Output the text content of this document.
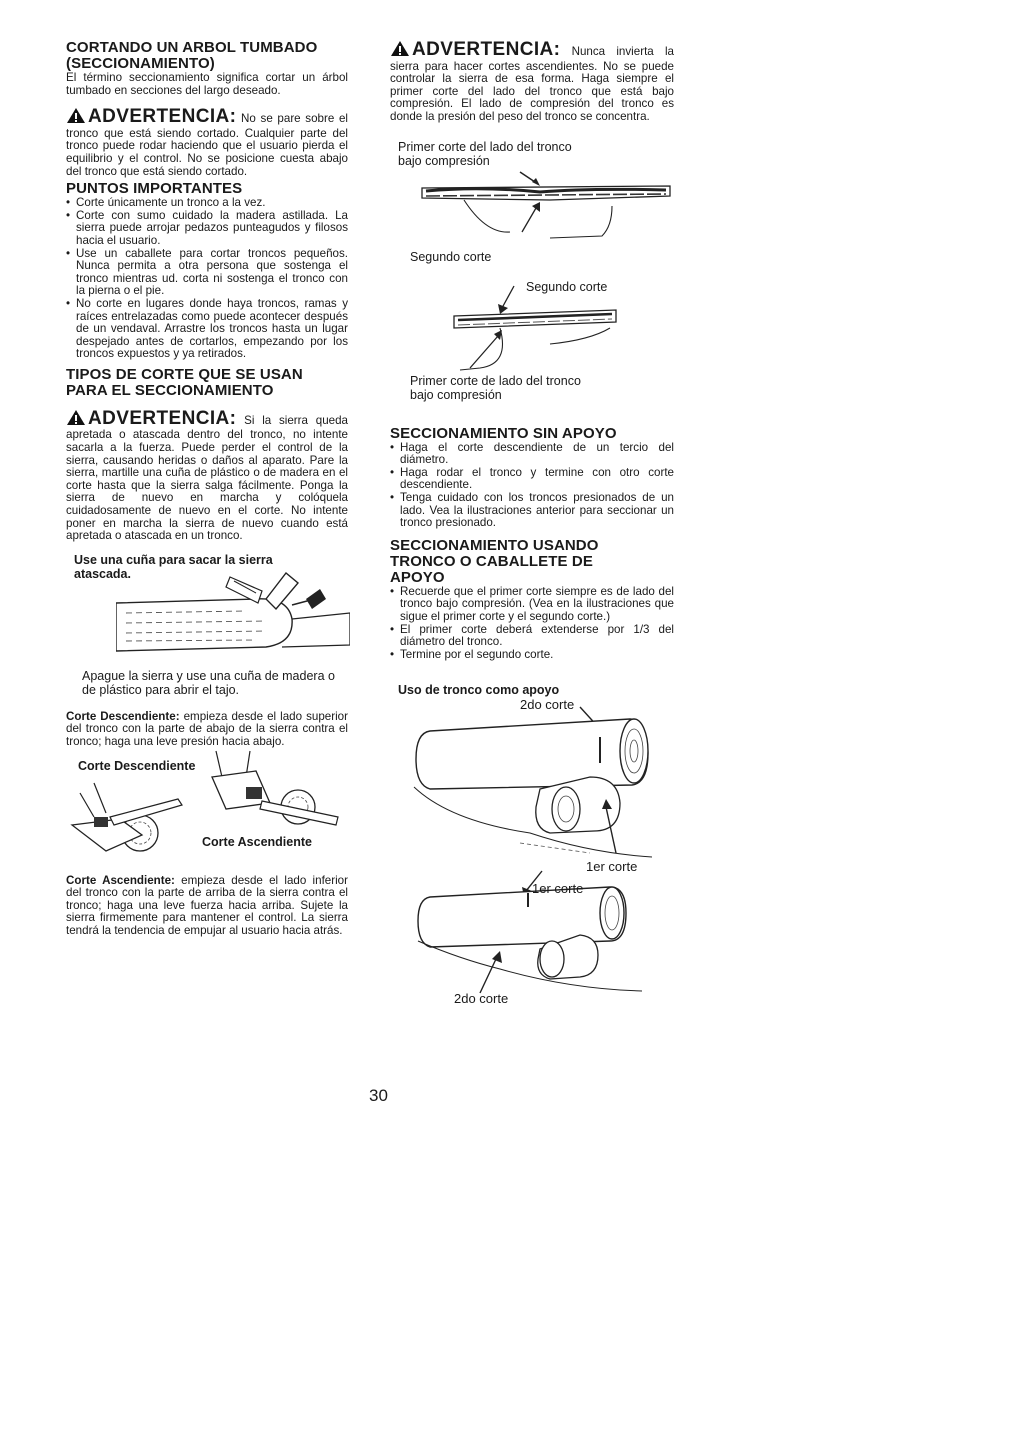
CORTANDO UN ARBOL TUMBADO

(SECCIONAMIENTO)

El término seccionamiento significa cortar un árbol tumbado en secciones del largo deseado.

ADVERTENCIA: No se pare sobre el tronco que está siendo cortado. Cualquier parte del tronco puede rodar haciendo que el usuario pierda el equilibrio y el control. No se posicione cuesta abajo del tronco que está siendo cortado.

PUNTOS IMPORTANTES

• Corte únicamente un tronco a la vez.
• Corte con sumo cuidado la madera astillada. La sierra puede arrojar pedazos punteagudos y filosos hacia el usuario.
• Use un caballete para cortar troncos pequeños. Nunca permita a otra persona que sostenga el tronco mientras ud. corta ni sostenga el tronco con la pierna o el pie.
• No corte en lugares donde haya troncos, ramas y raíces entrelazadas como puede acontecer después de un vendaval. Arrastre los troncos hasta un lugar despejado antes de cortarlos, empezando por los troncos expuestos y ya retirados.

TIPOS DE CORTE QUE SE USAN

PARA EL SECCIONAMIENTO

ADVERTENCIA: Si la sierra queda apretada o atascada dentro del tronco, no intente sacarla a la fuerza. Puede perder el control de la sierra, causando heridas o daños al aparato. Pare la sierra, martille una cuña de plástico o de madera en el corte hasta que la sierra salga fácilmente. Ponga la sierra de nuevo en marcha y colóquela cuidadosamente de nuevo en el corte. No intente poner en marcha la sierra de nuevo cuando está apretada o atascada en un tronco.

Use una cuña para sacar la sierra

atascada.

Apague la sierra y use una cuña de madera o de plástico para abrir el tajo.

Corte Descendiente: empieza desde el lado superior del tronco con la parte de abajo de la sierra contra el tronco; haga una leve presión hacia abajo.

Corte Descendiente

Corte Ascendiente

Corte Ascendiente: empieza desde el lado inferior del tronco con la parte de arriba de la sierra contra el tronco; haga una leve fuerza hacia arriba. Sujete la sierra firmemente para mantener el control. La sierra tendrá la tendencia de empujar al usuario hacia atrás.

ADVERTENCIA: Nunca invierta la sierra para hacer cortes ascendientes. No se puede controlar la sierra de esa forma. Haga siempre el primer corte del lado del tronco que está bajo compresión. El lado de compresión del tronco es donde la presión del peso del tronco se concentra.

Primer corte del lado del tronco

bajo compresión

Segundo corte

Segundo corte

Primer corte de lado del tronco

bajo compresión

SECCIONAMIENTO SIN APOYO

• Haga el corte descendiente de un tercio del diámetro.
• Haga rodar el tronco y termine con otro corte descendiente.
• Tenga cuidado con los troncos presionados de un lado. Vea la ilustraciones anterior para seccionar un tronco presionado.

SECCIONAMIENTO USANDO

TRONCO O CABALLETE DE

APOYO

• Recuerde que el primer corte siempre es de lado del tronco bajo compresión. (Vea en la ilustraciones que sigue el primer corte y el segundo corte.)
• El primer corte deberá extenderse por 1/3 del diámetro del tronco.
• Termine por el segundo corte.

Uso de tronco como apoyo

2do corte
1er corte
1er corte
2do corte
30
